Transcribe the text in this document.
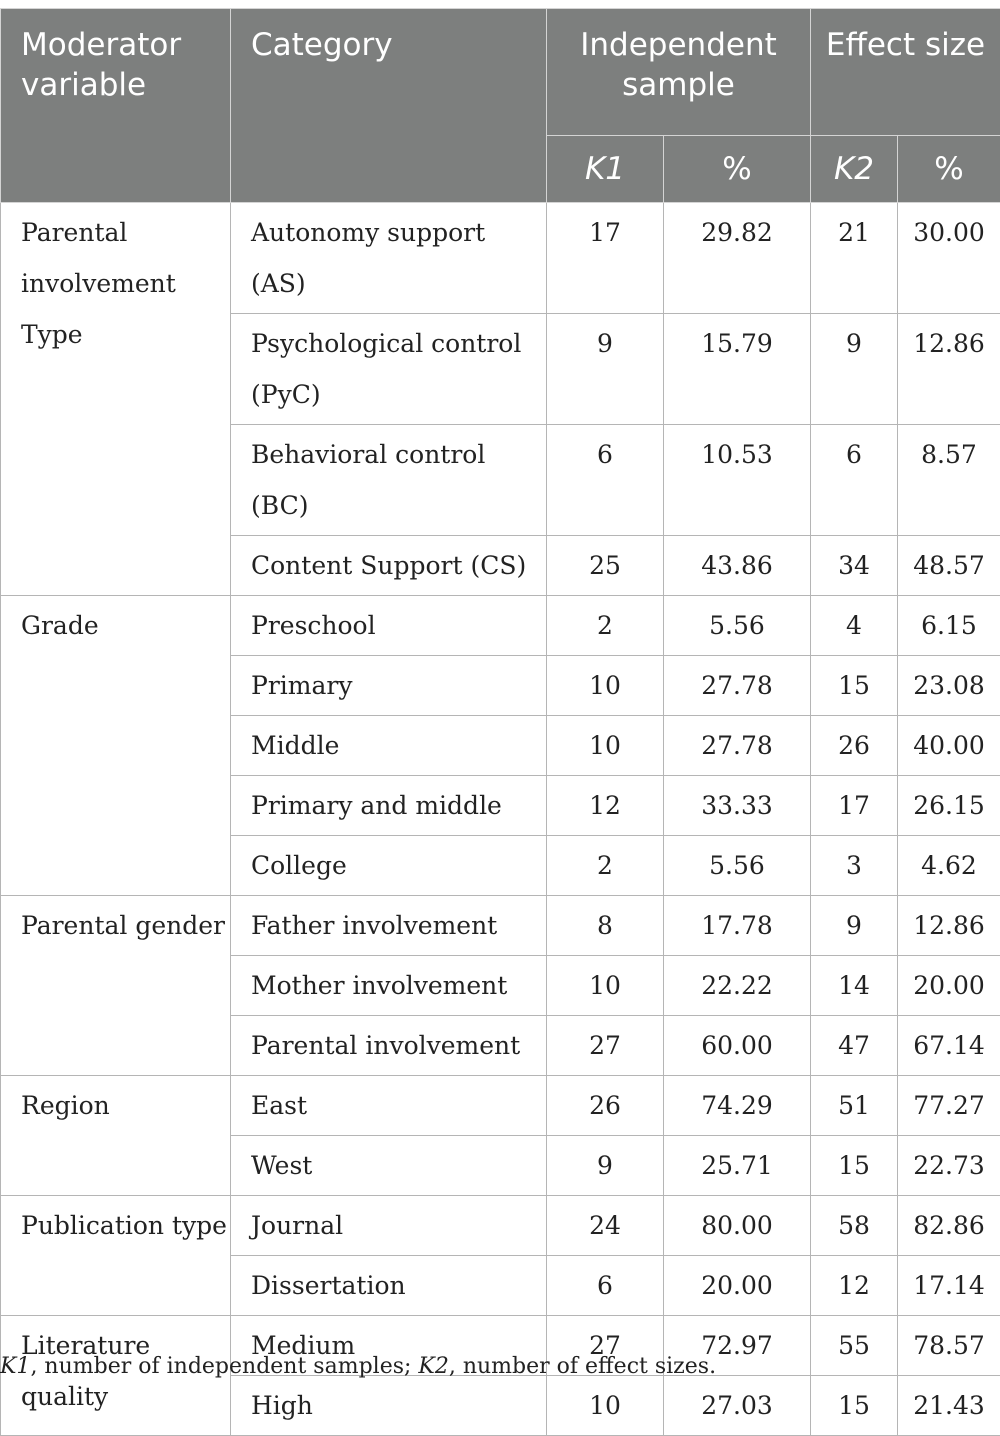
Moderator variable	Category	Independent sample		Effect size	
		K1	%	K2	%
Parental involvement Type	Autonomy support (AS)	17	29.82	21	30.00
	Psychological control (PyC)	9	15.79	9	12.86
	Behavioral control (BC)	6	10.53	6	8.57
	Content Support (CS)	25	43.86	34	48.57
Grade	Preschool	2	5.56	4	6.15
	Primary	10	27.78	15	23.08
	Middle	10	27.78	26	40.00
	Primary and middle	12	33.33	17	26.15
	College	2	5.56	3	4.62
Parental gender	Father involvement	8	17.78	9	12.86
	Mother involvement	10	22.22	14	20.00
	Parental involvement	27	60.00	47	67.14
Region	East	26	74.29	51	77.27
	West	9	25.71	15	22.73
Publication type	Journal	24	80.00	58	82.86
	Dissertation	6	20.00	12	17.14
Literature quality	Medium	27	72.97	55	78.57
	High	10	27.03	15	21.43
K1, number of independent samples; K2, number of effect sizes.
